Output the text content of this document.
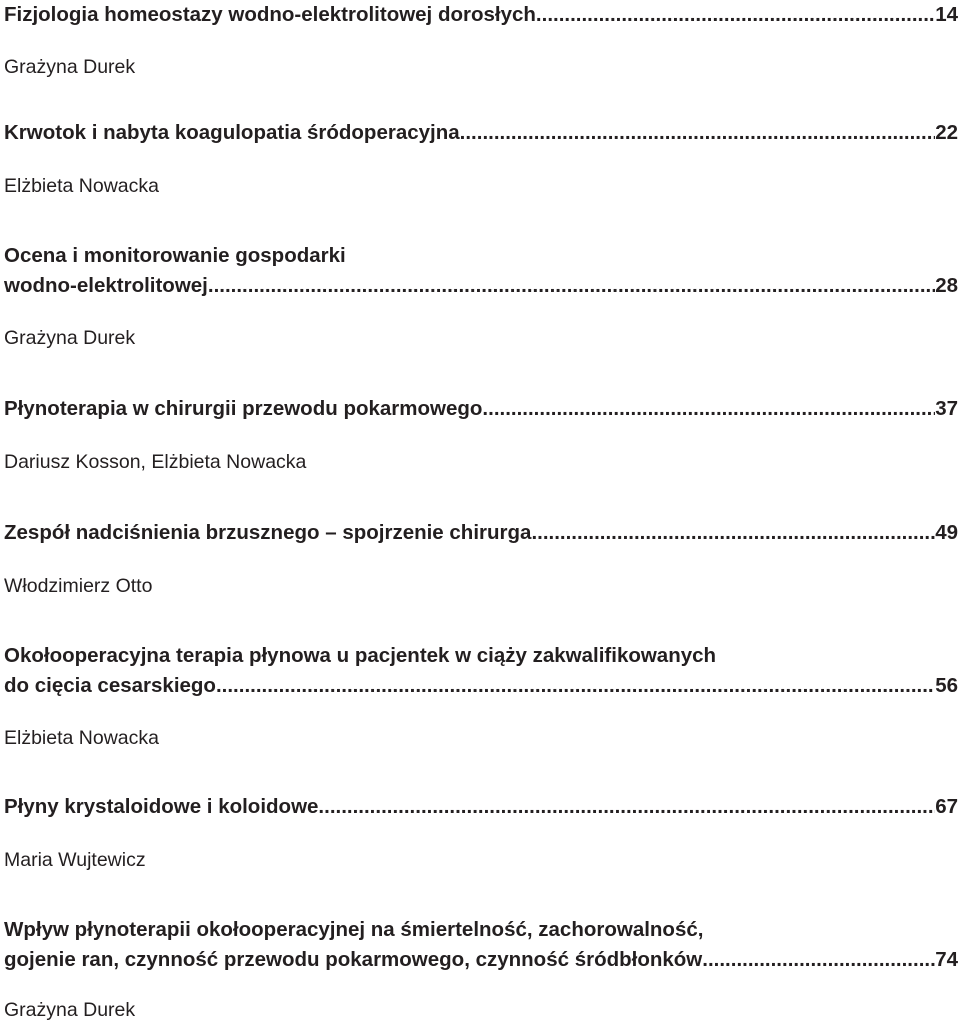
Fizjologia homeostazy wodno-elektrolitowej dorosłych .....	14
Grażyna Durek
Krwotok i nabyta koagulopatia śródoperacyjna .....	22
Elżbieta Nowacka
Ocena i monitorowanie gospodarki
wodno-elektrolitowej .....	28
Grażyna Durek
Płynoterapia w chirurgii przewodu pokarmowego .....	37
Dariusz Kosson, Elżbieta Nowacka
Zespół nadciśnienia brzusznego – spojrzenie chirurga .....	49
Włodzimierz Otto
Okołooperacyjna terapia płynowa u pacjentek w ciąży zakwalifikowanych
do cięcia cesarskiego .....	56
Elżbieta Nowacka
Płyny krystaloidowe i koloidowe .....	67
Maria Wujtewicz
Wpływ płynoterapii okołooperacyjnej na śmiertelność, zachorowalność,
gojenie ran, czynność przewodu pokarmowego, czynność śródbłonków .....	74
Grażyna Durek
